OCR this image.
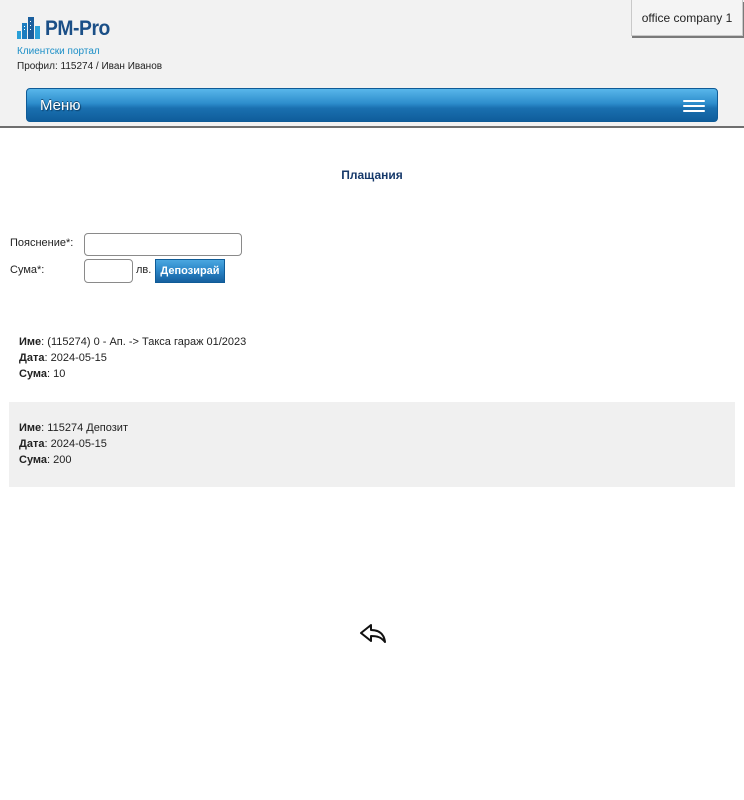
PM-Pro
Клиентски портал
Профил: 115274 / Иван Иванов
office company 1
Меню
Плащания
Пояснение*:
Сума*:	лв. Депозирай
Име: (115274) 0 - Ап. -> Такса гараж 01/2023
Дата: 2024-05-15
Сума: 10
Име: 115274 Депозит
Дата: 2024-05-15
Сума: 200
